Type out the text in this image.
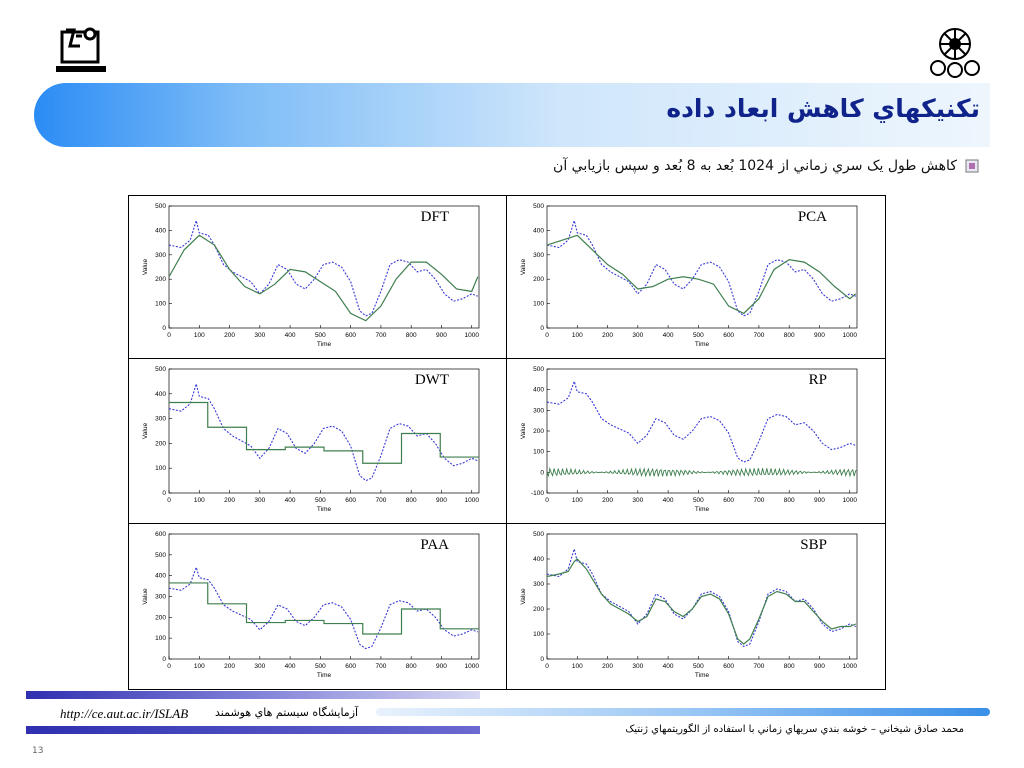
تکنيکهاي کاهش ابعاد داده
کاهش طول يک سري زماني از 1024 بُعد به 8 بُعد و سپس بازيابي آن
0	100	200	300	400	500	600	700	800	900	1000
0
100
200
300
400
500
Time
Value
DFT
0	100	200	300	400	500	600	700	800	900	1000
0
100
200
300
400
500
Time
Value
PCA
0	100	200	300	400	500	600	700	800	900	1000
0
100
200
300
400
500
Time
Value
DWT
0	100	200	300	400	500	600	700	800	900	1000
-100
0
100
200
300
400
500
Time
Value
RP
0	100	200	300	400	500	600	700	800	900	1000
0
100
200
300
400
500
600
Time
Value
PAA
0	100	200	300	400	500	600	700	800	900	1000
0
100
200
300
400
500
Time
Value
SBP
http://ce.aut.ac.ir/ISLAB آزمايشگاه سيستم هاي هوشمند
محمد صادق شيخاني – خوشه بندي سريهاي زماني با استفاده از الگوريتمهاي ژنتيک
13
